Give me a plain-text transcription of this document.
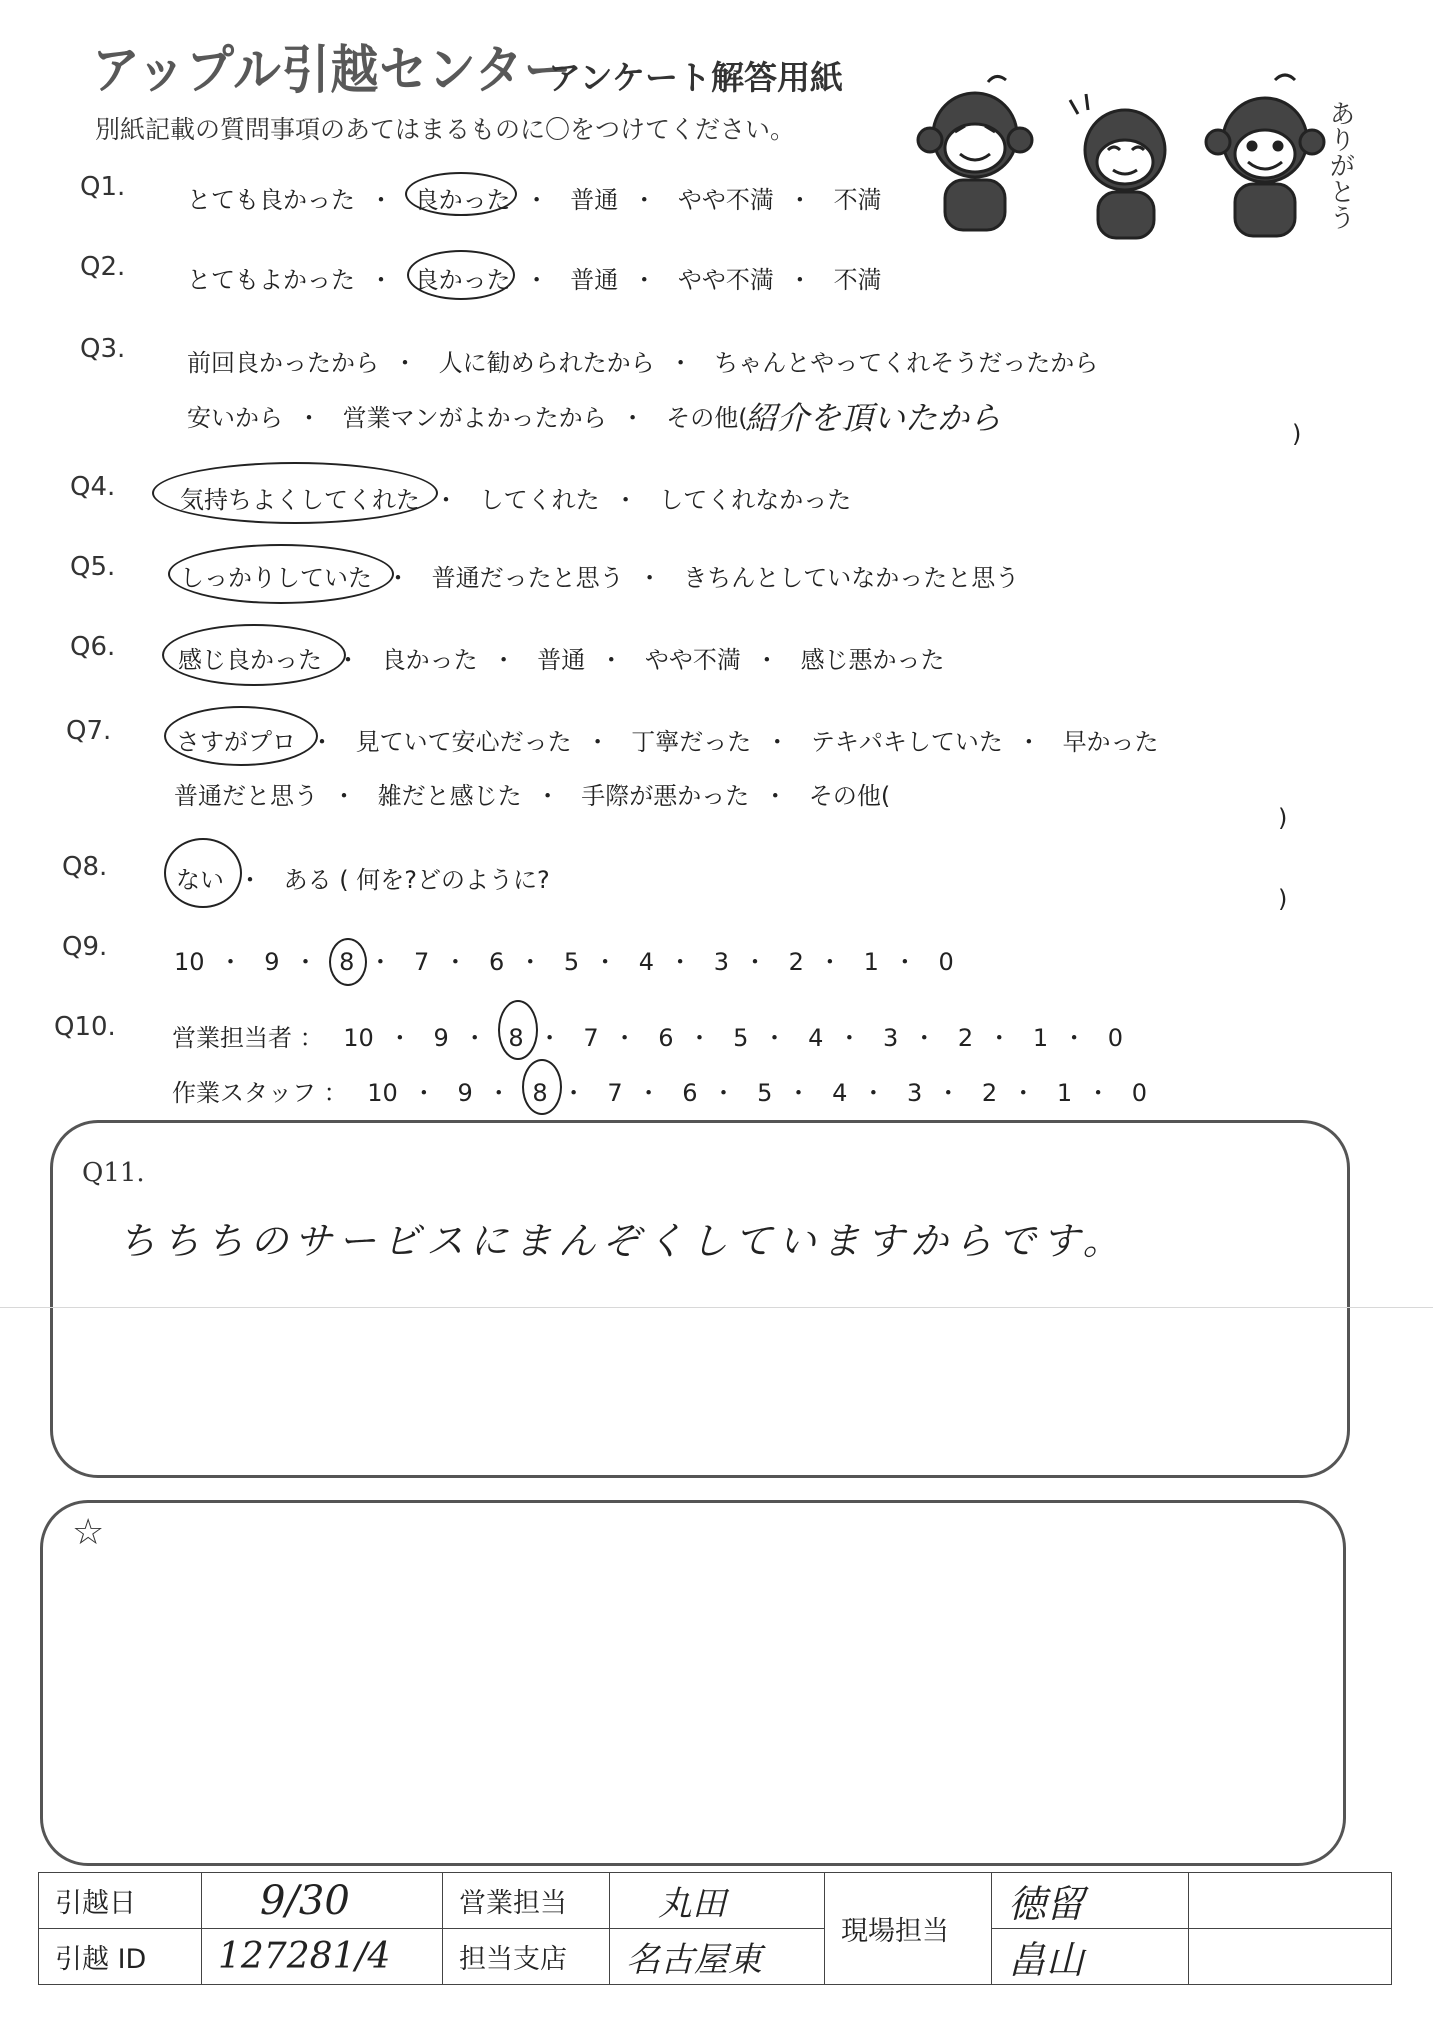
アップル引越センター
アンケート解答用紙
別紙記載の質問事項のあてはまるものに〇をつけてください。	ありがとう
Q1.	とても良かった ・ 良かった ・ 普通 ・ やや不満 ・ 不満
Q2.	とてもよかった ・ 良かった ・ 普通 ・ やや不満 ・ 不満
Q3.	前回良かったから ・ 人に勧められたから ・ ちゃんとやってくれそうだったから
安いから ・ 営業マンがよかったから ・ その他(
紹介を頂いたから	)
Q4.	気持ちよくしてくれた ・ してくれた ・ してくれなかった
Q5.	しっかりしていた ・ 普通だったと思う ・ きちんとしていなかったと思う
Q6.	感じ良かった ・ 良かった ・ 普通 ・ やや不満 ・ 感じ悪かった
Q7.	さすがプロ ・ 見ていて安心だった ・ 丁寧だった ・ テキパキしていた ・ 早かった
普通だと思う ・ 雑だと感じた ・ 手際が悪かった ・ その他(
)
Q8.	ない ・ ある ( 何を?どのように?
)
Q9.	10 ・ 9 ・ 8 ・ 7 ・ 6 ・ 5 ・ 4 ・ 3 ・ 2 ・ 1 ・ 0
Q10. 営業担当者 ： 10 ・ 9 ・ 8 ・ 7 ・ 6 ・ 5 ・ 4 ・ 3 ・ 2 ・ 1 ・ 0
作業スタッフ ： 10 ・ 9 ・ 8 ・ 7 ・ 6 ・ 5 ・ 4 ・ 3 ・ 2 ・ 1 ・ 0
Q11.
ちちちのサービスにまんぞくしていますからです。
☆
引越日	9/30	営業担当	丸田	現場担当	徳留	
引越 ID	127281/4	担当支店	名古屋東		畠山	
